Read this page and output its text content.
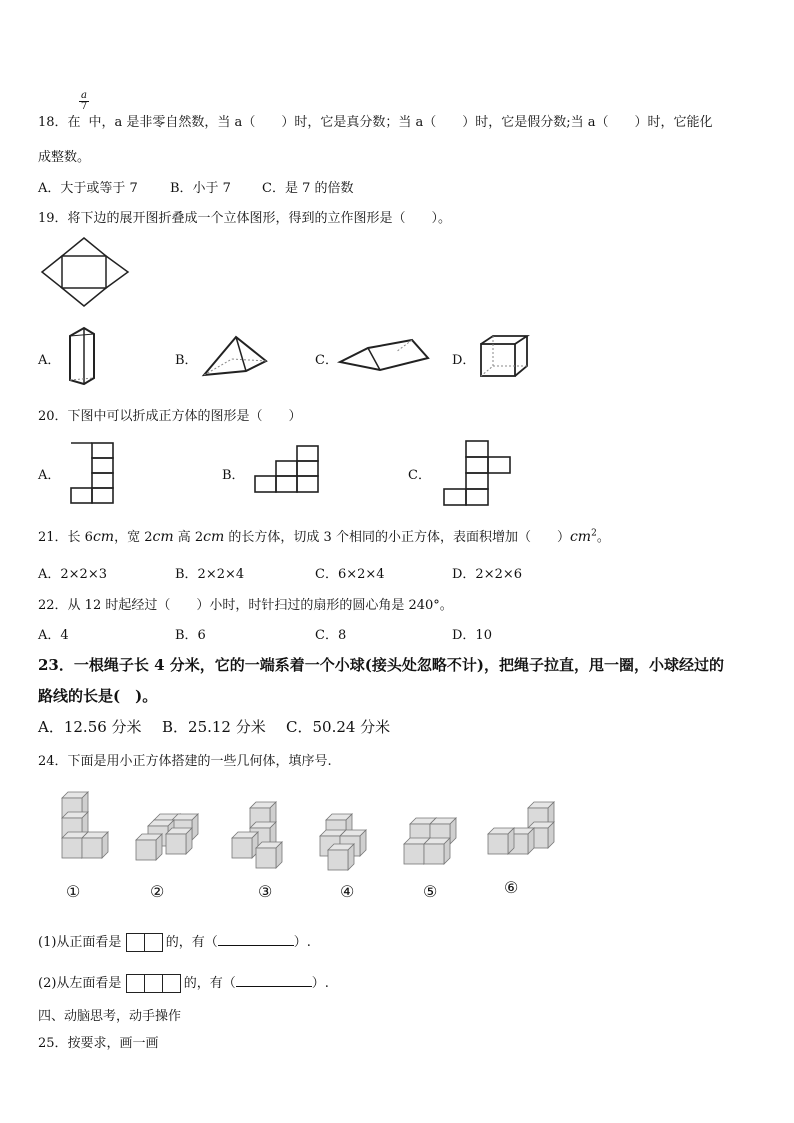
a
7
18．在 中，a 是非零自然数，当 a（　　）时，它是真分数；当 a（　　）时，它是假分数;当 a（　　）时，它能化
成整数。
A．大于或等于 7 B．小于 7 C．是 7 的倍数
19．将下边的展开图折叠成一个立体图形，得到的立作图形是（　　）。
A．	B．	C．	D．
20．下图中可以折成正方体的图形是（　　）
A．	B．	C．
21．长 6cm，宽 2cm 高 2cm 的长方体，切成 3 个相同的小正方体，表面积增加（　　）$cm^2$。
A．2×2×3	B．2×2×4	C．6×2×4	D．2×2×6
22．从 12 时起经过（　　）小时，时针扫过的扇形的圆心角是 240°。
A．4	B．6	C．8	D．10
23．一根绳子长 4 分米，它的一端系着一个小球(接头处忽略不计)，把绳子拉直，甩一圈，小球经过的
路线的长是(　)。
A．12.56 分米 B．25.12 分米 C．50.24 分米
24．下面是用小正方体搭建的一些几何体，填序号.
①	②	③	④	⑤	⑥
(1)从正面看是	的，有（	）.
(2)从左面看是	的，有（	）.
四、动脑思考，动手操作
25．按要求，画一画
